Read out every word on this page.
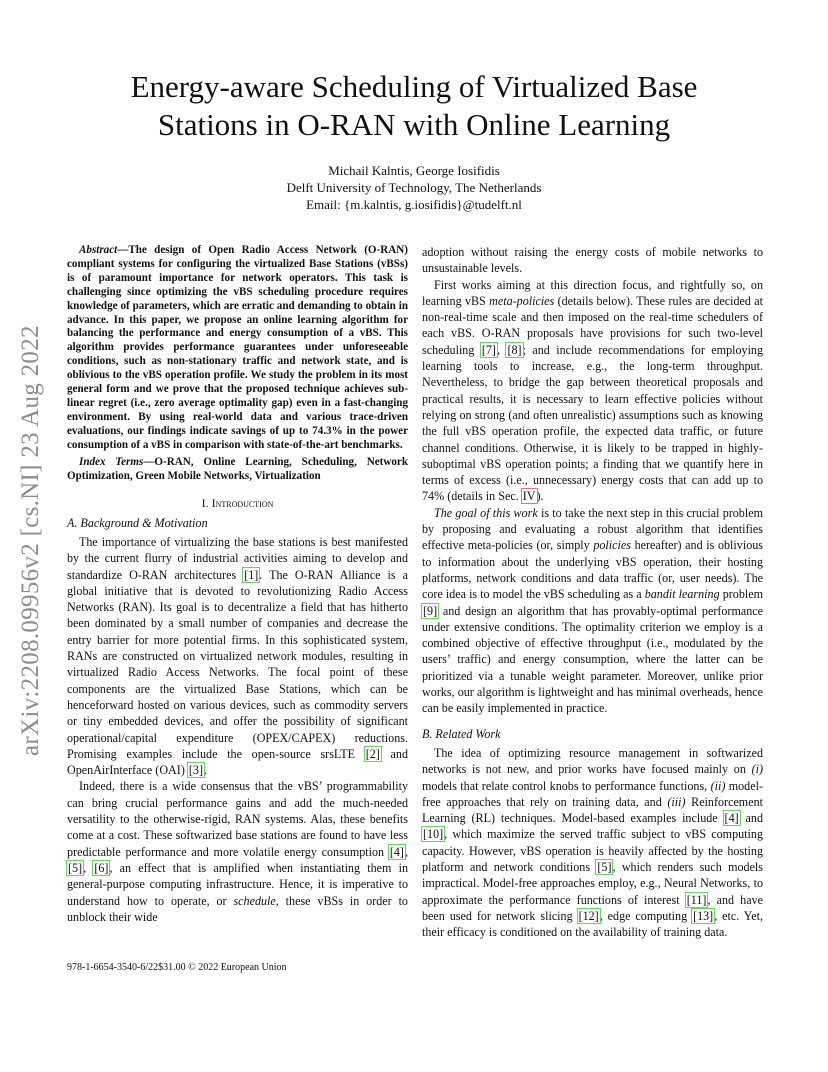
arXiv:2208.09956v2 [cs.NI] 23 Aug 2022
Energy-aware Scheduling of Virtualized Base
Stations in O-RAN with Online Learning
Michail Kalntis, George Iosifidis
Delft University of Technology, The Netherlands
Email: {m.kalntis, g.iosifidis}@tudelft.nl

Abstract—The design of Open Radio Access Network (O-RAN) compliant systems for configuring the virtualized Base Stations (vBSs) is of paramount importance for network operators. This task is challenging since optimizing the vBS scheduling procedure requires knowledge of parameters, which are erratic and demanding to obtain in advance. In this paper, we propose an online learning algorithm for balancing the performance and energy consumption of a vBS. This algorithm provides performance guarantees under unforeseeable conditions, such as non-stationary traffic and network state, and is oblivious to the vBS operation profile. We study the problem in its most general form and we prove that the proposed technique achieves sub-linear regret (i.e., zero average optimality gap) even in a fast-changing environment. By using real-world data and various trace-driven evaluations, our findings indicate savings of up to 74.3% in the power consumption of a vBS in comparison with state-of-the-art benchmarks.

Index Terms—O-RAN, Online Learning, Scheduling, Network Optimization, Green Mobile Networks, Virtualization

I. Introduction

A. Background & Motivation

The importance of virtualizing the base stations is best manifested by the current flurry of industrial activities aiming to develop and standardize O-RAN architectures [1]. The O-RAN Alliance is a global initiative that is devoted to revolutionizing Radio Access Networks (RAN). Its goal is to decentralize a field that has hitherto been dominated by a small number of companies and decrease the entry barrier for more potential firms. In this sophisticated system, RANs are constructed on virtualized network modules, resulting in virtualized Radio Access Networks. The focal point of these components are the virtualized Base Stations, which can be henceforward hosted on various devices, such as commodity servers or tiny embedded devices, and offer the possibility of significant operational/capital expenditure (OPEX/CAPEX) reductions. Promising examples include the open-source srsLTE [2] and OpenAirInterface (OAI) [3].

Indeed, there is a wide consensus that the vBS’ programmability can bring crucial performance gains and add the much-needed versatility to the otherwise-rigid, RAN systems. Alas, these benefits come at a cost. These softwarized base stations are found to have less predictable performance and more volatile energy consumption [4], [5], [6], an effect that is amplified when instantiating them in general-purpose computing infrastructure. Hence, it is imperative to understand how to operate, or schedule, these vBSs in order to unblock their wide

adoption without raising the energy costs of mobile networks to unsustainable levels.

First works aiming at this direction focus, and rightfully so, on learning vBS meta-policies (details below). These rules are decided at non-real-time scale and then imposed on the real-time schedulers of each vBS. O-RAN proposals have provisions for such two-level scheduling [7], [8]; and include recommendations for employing learning tools to increase, e.g., the long-term throughput. Nevertheless, to bridge the gap between theoretical proposals and practical results, it is necessary to learn effective policies without relying on strong (and often unrealistic) assumptions such as knowing the full vBS operation profile, the expected data traffic, or future channel conditions. Otherwise, it is likely to be trapped in highly-suboptimal vBS operation points; a finding that we quantify here in terms of excess (i.e., unnecessary) energy costs that can add up to 74% (details in Sec. IV).

The goal of this work is to take the next step in this crucial problem by proposing and evaluating a robust algorithm that identifies effective meta-policies (or, simply policies hereafter) and is oblivious to information about the underlying vBS operation, their hosting platforms, network conditions and data traffic (or, user needs). The core idea is to model the vBS scheduling as a bandit learning problem [9] and design an algorithm that has provably-optimal performance under extensive conditions. The optimality criterion we employ is a combined objective of effective throughput (i.e., modulated by the users’ traffic) and energy consumption, where the latter can be prioritized via a tunable weight parameter. Moreover, unlike prior works, our algorithm is lightweight and has minimal overheads, hence can be easily implemented in practice.

B. Related Work

The idea of optimizing resource management in softwarized networks is not new, and prior works have focused mainly on (i) models that relate control knobs to performance functions, (ii) model-free approaches that rely on training data, and (iii) Reinforcement Learning (RL) techniques. Model-based examples include [4] and [10], which maximize the served traffic subject to vBS computing capacity. However, vBS operation is heavily affected by the hosting platform and network conditions [5], which renders such models impractical. Model-free approaches employ, e.g., Neural Networks, to approximate the performance functions of interest [11], and have been used for network slicing [12], edge computing [13], etc. Yet, their efficacy is conditioned on the availability of training data.

978-1-6654-3540-6/22$31.00 © 2022 European Union
